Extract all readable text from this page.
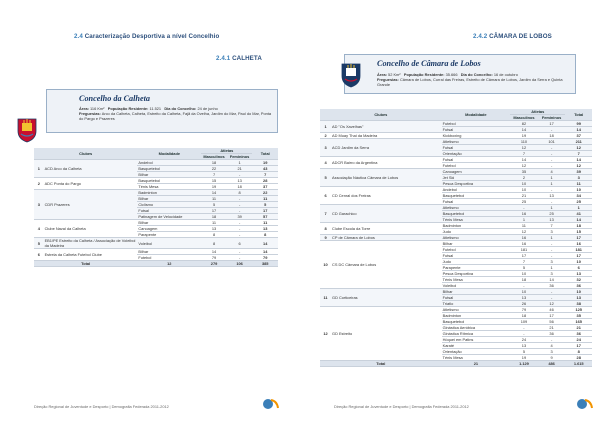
2.4 Caracterização Desportiva a nível Concelhio
2.4.1 CALHETA
Concelho da Calheta
Área: 116 Km² População Residente: 11.521 Dia do Concelho: 24 de junho
Freguesias: Arco da Calheta, Calheta, Estreito da Calheta, Fajã da Ovelha, Jardim do Mar, Paul do Mar, Ponta do Pargo e Prazeres
Clubes		Modalidade	Atletas		Total
			Masculinos	Femininos	
1	ACD Arco da Calheta	Andebol	18	1	19
		Basquetebol	22	21	43
		Bilhar	7	-	7
2	ADC Ponta do Pargo	Basquetebol	15	13	28
		Ténis Mesa	19	18	37
3	CDR Prazeres	Badminton	14	8	22
		Bilhar	11	-	11
		Ciclismo	5	-	5
		Futsal	17	-	17
		Patinagem de Velocidade	18	39	57
4	Clube Naval da Calheta	Bilhar	11	-	11
		Canoagem	13	-	13
		Parapente	8	-	8
5	EB1/PE Estreito da Calheta / Associação de Voleibol da Madeira	Voleibol	8	6	14
6	Estrela da Calheta Futebol Clube	Bilhar	14	-	14
		Futebol	79	-	79
Total		12	279	106	385
Direção Regional de Juventude e Desporto | Demografia Federada 2011-2012
2.4.2 CÂMARA DE LOBOS
Concelho de Câmara de Lobos
Área: 52 Km² População Residente: 35.666 Dia do Concelho: 16 de outubro
Freguesias: Câmara de Lobos, Curral das Freiras, Estreito de Câmara de Lobos, Jardim da Serra e Quinta Grande
Clubes		Modalidade	Atletas		Total
			Masculinos	Femininos	
1	AD "Os Xavelhas"	Futebol	82	17	99
		Futsal	14	-	14
2	AD Muay Thai da Madeira	Kickboxing	19	18	37
3	ACD Jardim da Serra	Atletismo	110	101	211
		Futsal	12	-	12
		Orientação	7	-	7
4	ADCR Bairro da Argentina	Futsal	14	-	14
		Futebol	12	-	12
5	Associação Náutica Câmara de Lobos	Canoagem	35	4	39
		Jet Ski	2	1	3
		Pesca Desportiva	10	1	11
6	CD Cenral dos Freiras	Andebol	10	-	10
		Basquetebol	21	13	34
		Futsal	25	-	25
7	CD Garachico	Atletismo	-	1	1
		Basquetebol	16	25	41
		Ténis Mesa	1	13	14
8	Clube Escola da Torre	Badminton	11	7	18
		Judo	12	3	15
9	CP de Câmara de Lobos	Atletismo	16	1	17
10	CS DC Câmara de Lobos	Bilhar	16	-	16
		Futebol	181	-	181
		Futsal	17	-	17
		Judo	7	3	10
		Parapente	5	1	6
		Pesca Desportiva	10	3	13
		Ténis Mesa	18	14	32
		Voleibol	-	36	36
11	GD Corticeiras	Bilhar	10	-	10
		Futsal	13	-	13
		Triatlo	26	12	38
12	GD Estreito	Atletismo	79	46	125
		Badminton	18	17	35
		Basquetebol	109	56	165
		Ginástica Aeróbica	-	21	21
		Ginástica Rítmica	-	36	36
		Hóquei em Patins	24	-	24
		Karaté	13	4	17
		Orientação	5	3	8
		Ténis Mesa	19	9	28
Total		21	1.129	486	1.615
Direção Regional de Juventude e Desporto | Demografia Federada 2011-2012
